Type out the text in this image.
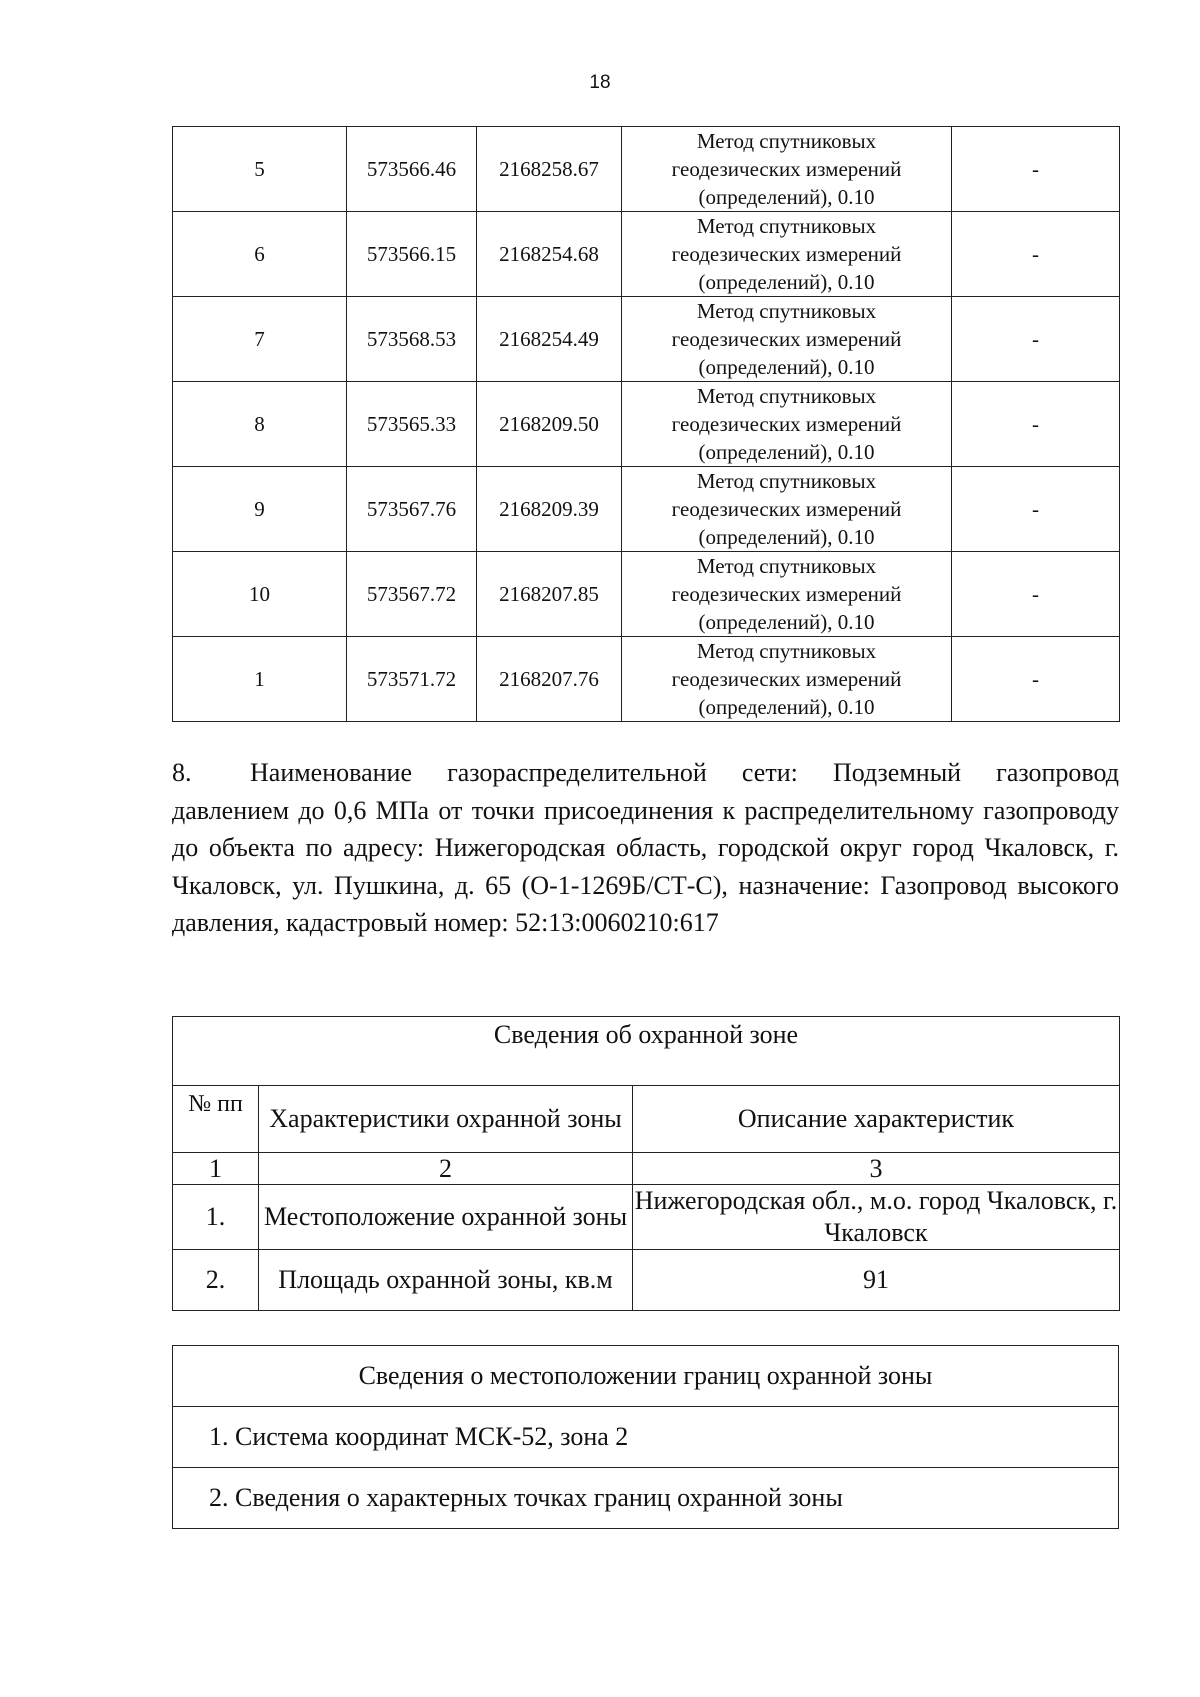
18
5	573566.46	2168258.67	Метод спутниковых
геодезических измерений
(определений), 0.10	-
6	573566.15	2168254.68	Метод спутниковых
геодезических измерений
(определений), 0.10	-
7	573568.53	2168254.49	Метод спутниковых
геодезических измерений
(определений), 0.10	-
8	573565.33	2168209.50	Метод спутниковых
геодезических измерений
(определений), 0.10	-
9	573567.76	2168209.39	Метод спутниковых
геодезических измерений
(определений), 0.10	-
10	573567.72	2168207.85	Метод спутниковых
геодезических измерений
(определений), 0.10	-
1	573571.72	2168207.76	Метод спутниковых
геодезических измерений
(определений), 0.10	-

8. Наименование газораспределительной сети: Подземный газопровод давлением до 0,6 МПа от точки присоединения к распределительному газопроводу до объекта по адресу: Нижегородская область, городской округ город Чкаловск, г. Чкаловск, ул. Пушкина, д. 65 (О-1-1269Б/СТ-С), назначение: Газопровод высокого давления, кадастровый номер: 52:13:0060210:617

Сведения об охранной зоне		
№ пп	Характеристики охранной зоны	Описание характеристик
1	2	3
1.	Местоположение охранной зоны	Нижегородская обл., м.о. город Чкаловск, г. Чкаловск
2.	Площадь охранной зоны, кв.м	91
Сведения о местоположении границ охранной зоны
1. Система координат МСК-52, зона 2
2. Сведения о характерных точках границ охранной зоны
